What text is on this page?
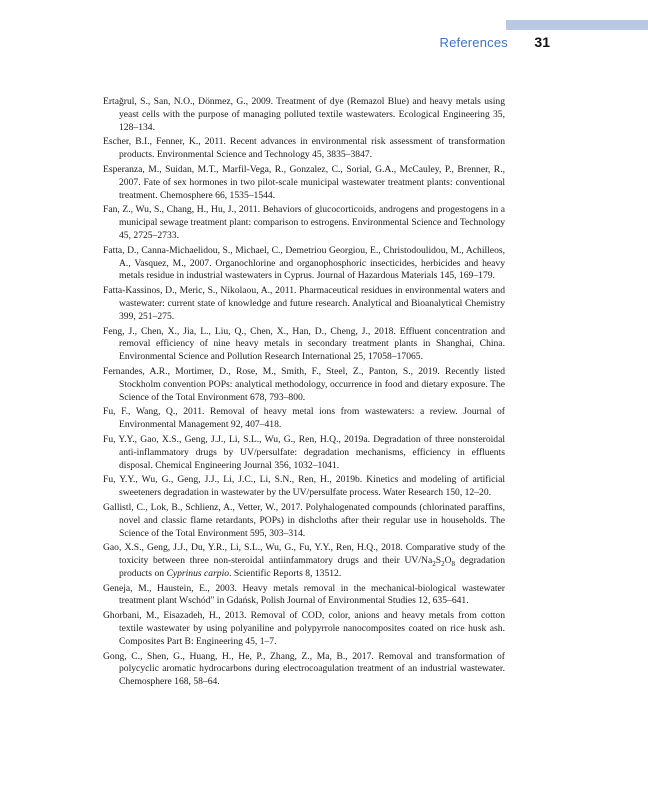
References 31
Ertağrul, S., San, N.O., Dönmez, G., 2009. Treatment of dye (Remazol Blue) and heavy metals using yeast cells with the purpose of managing polluted textile wastewaters. Ecological Engineering 35, 128–134.
Escher, B.I., Fenner, K., 2011. Recent advances in environmental risk assessment of transformation products. Environmental Science and Technology 45, 3835–3847.
Esperanza, M., Suidan, M.T., Marfil-Vega, R., Gonzalez, C., Sorial, G.A., McCauley, P., Brenner, R., 2007. Fate of sex hormones in two pilot-scale municipal wastewater treatment plants: conventional treatment. Chemosphere 66, 1535–1544.
Fan, Z., Wu, S., Chang, H., Hu, J., 2011. Behaviors of glucocorticoids, androgens and progestogens in a municipal sewage treatment plant: comparison to estrogens. Environmental Science and Technology 45, 2725–2733.
Fatta, D., Canna-Michaelidou, S., Michael, C., Demetriou Georgiou, E., Christodoulidou, M., Achilleos, A., Vasquez, M., 2007. Organochlorine and organophosphoric insecticides, herbicides and heavy metals residue in industrial wastewaters in Cyprus. Journal of Hazardous Materials 145, 169–179.
Fatta-Kassinos, D., Meric, S., Nikolaou, A., 2011. Pharmaceutical residues in environmental waters and wastewater: current state of knowledge and future research. Analytical and Bioanalytical Chemistry 399, 251–275.
Feng, J., Chen, X., Jia, L., Liu, Q., Chen, X., Han, D., Cheng, J., 2018. Effluent concentration and removal efficiency of nine heavy metals in secondary treatment plants in Shanghai, China. Environmental Science and Pollution Research International 25, 17058–17065.
Fernandes, A.R., Mortimer, D., Rose, M., Smith, F., Steel, Z., Panton, S., 2019. Recently listed Stockholm convention POPs: analytical methodology, occurrence in food and dietary exposure. The Science of the Total Environment 678, 793–800.
Fu, F., Wang, Q., 2011. Removal of heavy metal ions from wastewaters: a review. Journal of Environmental Management 92, 407–418.
Fu, Y.Y., Gao, X.S., Geng, J.J., Li, S.L., Wu, G., Ren, H.Q., 2019a. Degradation of three nonsteroidal anti-inflammatory drugs by UV/persulfate: degradation mechanisms, efficiency in effluents disposal. Chemical Engineering Journal 356, 1032–1041.
Fu, Y.Y., Wu, G., Geng, J.J., Li, J.C., Li, S.N., Ren, H., 2019b. Kinetics and modeling of artificial sweeteners degradation in wastewater by the UV/persulfate process. Water Research 150, 12–20.
Gallistl, C., Lok, B., Schlienz, A., Vetter, W., 2017. Polyhalogenated compounds (chlorinated paraffins, novel and classic flame retardants, POPs) in dishcloths after their regular use in households. The Science of the Total Environment 595, 303–314.
Gao, X.S., Geng, J.J., Du, Y.R., Li, S.L., Wu, G., Fu, Y.Y., Ren, H.Q., 2018. Comparative study of the toxicity between three non-steroidal antiinfammatory drugs and their $UV/Na_2S_2O_8$ degradation products on Cyprinus carpio. Scientific Reports 8, 13512.
Geneja, M., Haustein, E., 2003. Heavy metals removal in the mechanical-biological wastewater treatment plant Wschód" in Gdańsk, Polish Journal of Environmental Studies 12, 635–641.
Ghorbani, M., Eisazadeh, H., 2013. Removal of COD, color, anions and heavy metals from cotton textile wastewater by using polyaniline and polypyrrole nanocomposites coated on rice husk ash. Composites Part B: Engineering 45, 1–7.
Gong, C., Shen, G., Huang, H., He, P., Zhang, Z., Ma, B., 2017. Removal and transformation of polycyclic aromatic hydrocarbons during electrocoagulation treatment of an industrial wastewater. Chemosphere 168, 58–64.
